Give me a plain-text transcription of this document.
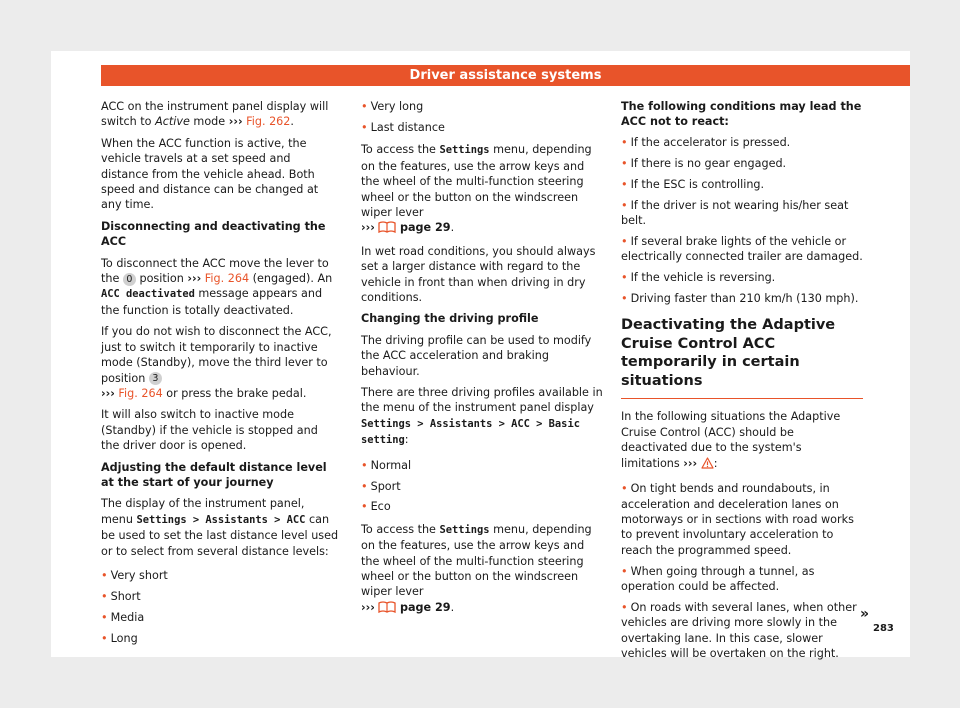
Driver assistance systems

ACC on the instrument panel display will switch to Active mode ››› Fig. 262.

When the ACC function is active, the vehicle travels at a set speed and distance from the vehicle ahead. Both speed and distance can be changed at any time.

Disconnecting and deactivating the ACC

To disconnect the ACC move the lever to the 0 position ››› Fig. 264 (engaged). An ACC deactivated message appears and the function is totally deactivated.

If you do not wish to disconnect the ACC, just to switch it temporarily to inactive mode (Standby), move the third lever to position 3
››› Fig. 264 or press the brake pedal.

It will also switch to inactive mode (Standby) if the vehicle is stopped and the driver door is opened.

Adjusting the default distance level at the start of your journey

The display of the instrument panel, menu Settings > Assistants > ACC can be used to set the last distance level used or to select from several distance levels:

• Very short
• Short
• Media
• Long
• Very long
• Last distance

To access the Settings menu, depending on the features, use the arrow keys and the wheel of the multi-function steering wheel or the button on the windscreen wiper lever
››› page 29.

In wet road conditions, you should always set a larger distance with regard to the vehicle in front than when driving in dry conditions.

Changing the driving profile

The driving profile can be used to modify the ACC acceleration and braking behaviour.

There are three driving profiles available in the menu of the instrument panel display Settings > Assistants > ACC > Basic setting:

• Normal
• Sport
• Eco

To access the Settings menu, depending on the features, use the arrow keys and the wheel of the multi-function steering wheel or the button on the windscreen wiper lever
››› page 29.

The following conditions may lead the ACC not to react:

• If the accelerator is pressed.
• If there is no gear engaged.
• If the ESC is controlling.
• If the driver is not wearing his/her seat belt.
• If several brake lights of the vehicle or electrically connected trailer are damaged.
• If the vehicle is reversing.
• Driving faster than 210 km/h (130 mph).
Deactivating the Adaptive Cruise Control ACC temporarily in certain situations

In the following situations the Adaptive Cruise Control (ACC) should be deactivated due to the system's limitations ››› :

• On tight bends and roundabouts, in acceleration and deceleration lanes on motorways or in sections with road works to prevent involuntary acceleration to reach the programmed speed.
• When going through a tunnel, as operation could be affected.
• On roads with several lanes, when other vehicles are driving more slowly in the overtaking lane. In this case, slower vehicles will be overtaken on the right.
»
283
